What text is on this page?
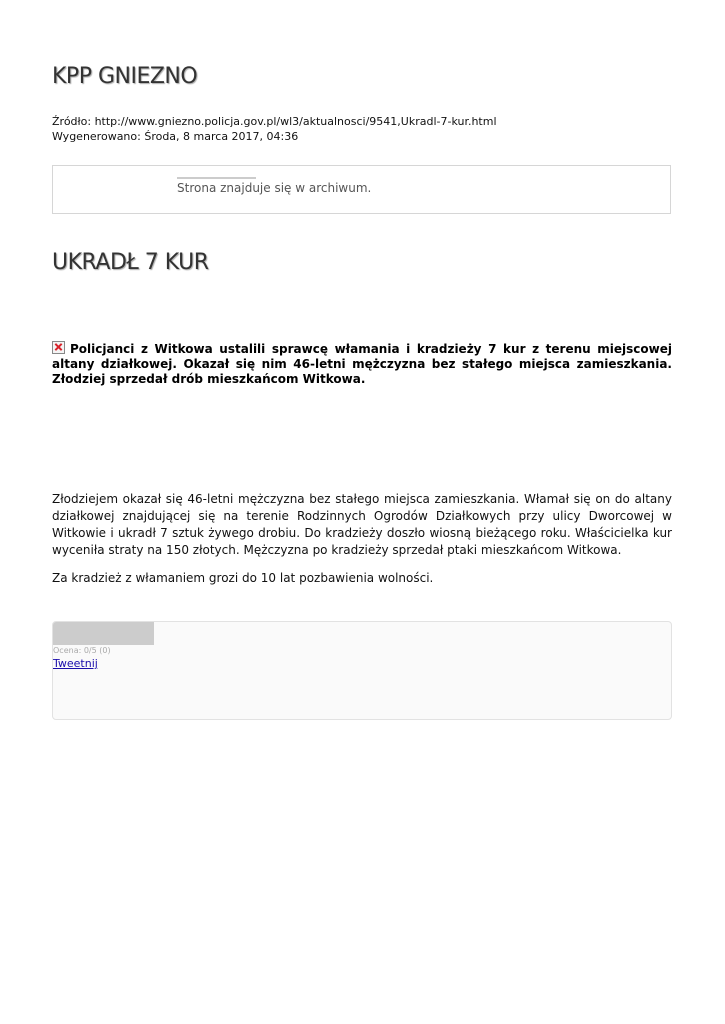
KPP GNIEZNO
Źródło: http://www.gniezno.policja.gov.pl/wl3/aktualnosci/9541,Ukradl-7-kur.html
Wygenerowano: Środa, 8 marca 2017, 04:36
Strona znajduje się w archiwum.
UKRADŁ 7 KUR
Policjanci z Witkowa ustalili sprawcę włamania i kradzieży 7 kur z terenu miejscowej altany działkowej. Okazał się nim 46-letni mężczyzna bez stałego miejsca zamieszkania. Złodziej sprzedał drób mieszkańcom Witkowa.

Złodziejem okazał się 46-letni mężczyzna bez stałego miejsca zamieszkania. Włamał się on do altany działkowej znajdującej się na terenie Rodzinnych Ogrodów Działkowych przy ulicy Dworcowej w Witkowie i ukradł 7 sztuk żywego drobiu. Do kradzieży doszło wiosną bieżącego roku. Właścicielka kur wyceniła straty na 150 złotych. Mężczyzna po kradzieży sprzedał ptaki mieszkańcom Witkowa.

Za kradzież z włamaniem grozi do 10 lat pozbawienia wolności.

Ocena: 0/5 (0)
Tweetnij
